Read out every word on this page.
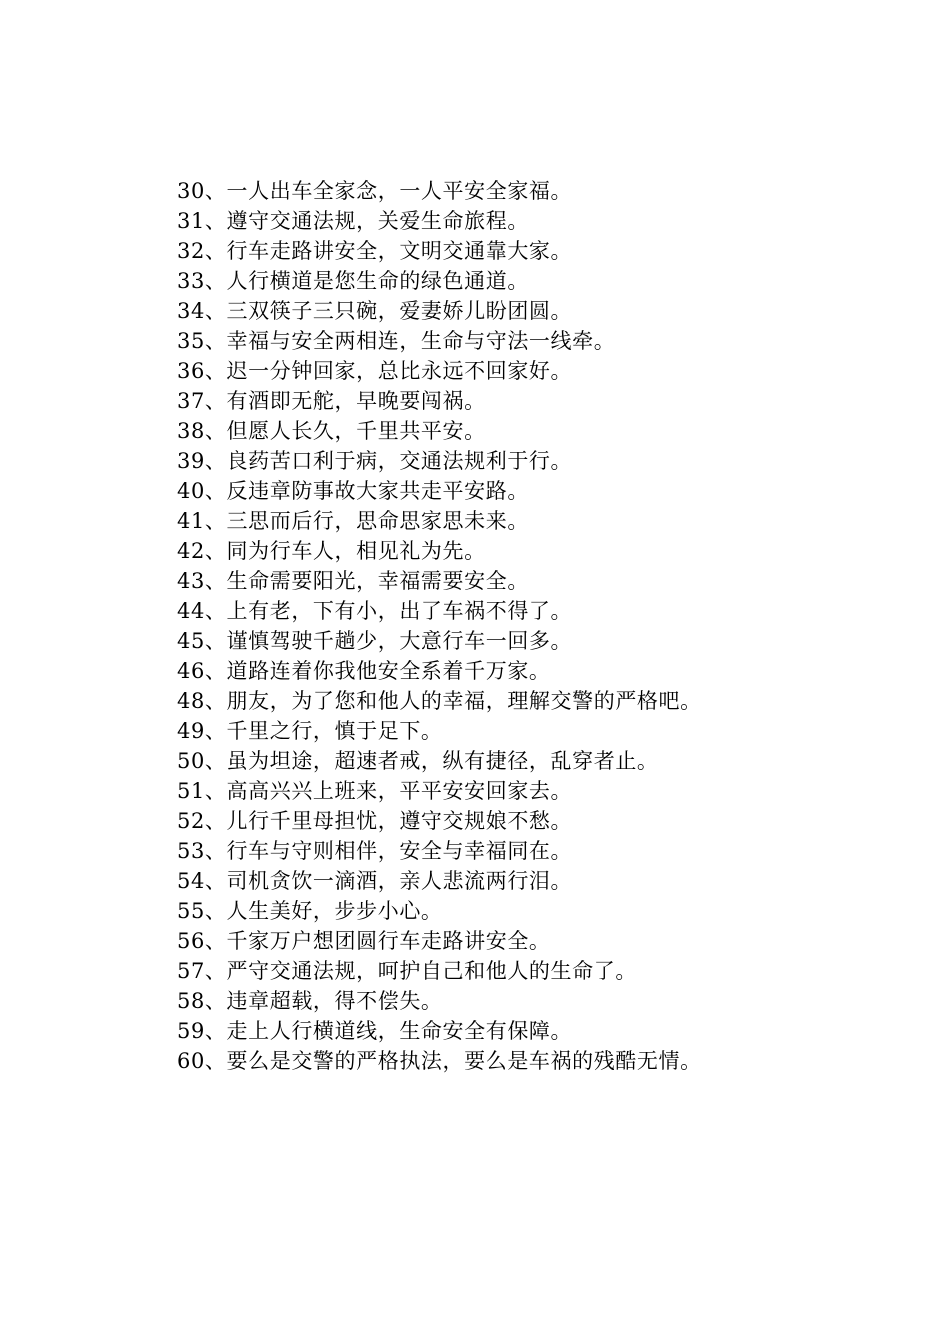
30、一人出车全家念，一人平安全家福。
31、遵守交通法规，关爱生命旅程。
32、行车走路讲安全，文明交通靠大家。
33、人行横道是您生命的绿色通道。
34、三双筷子三只碗，爱妻娇儿盼团圆。
35、幸福与安全两相连，生命与守法一线牵。
36、迟一分钟回家，总比永远不回家好。
37、有酒即无舵，早晚要闯祸。
38、但愿人长久，千里共平安。
39、良药苦口利于病，交通法规利于行。
40、反违章防事故大家共走平安路。
41、三思而后行，思命思家思未来。
42、同为行车人，相见礼为先。
43、生命需要阳光，幸福需要安全。
44、上有老，下有小，出了车祸不得了。
45、谨慎驾驶千趟少，大意行车一回多。
46、道路连着你我他安全系着千万家。
48、朋友，为了您和他人的幸福，理解交警的严格吧。
49、千里之行，慎于足下。
50、虽为坦途，超速者戒，纵有捷径，乱穿者止。
51、高高兴兴上班来，平平安安回家去。
52、儿行千里母担忧，遵守交规娘不愁。
53、行车与守则相伴，安全与幸福同在。
54、司机贪饮一滴酒，亲人悲流两行泪。
55、人生美好，步步小心。
56、千家万户想团圆行车走路讲安全。
57、严守交通法规，呵护自己和他人的生命了。
58、违章超载，得不偿失。
59、走上人行横道线，生命安全有保障。
60、要么是交警的严格执法，要么是车祸的残酷无情。
